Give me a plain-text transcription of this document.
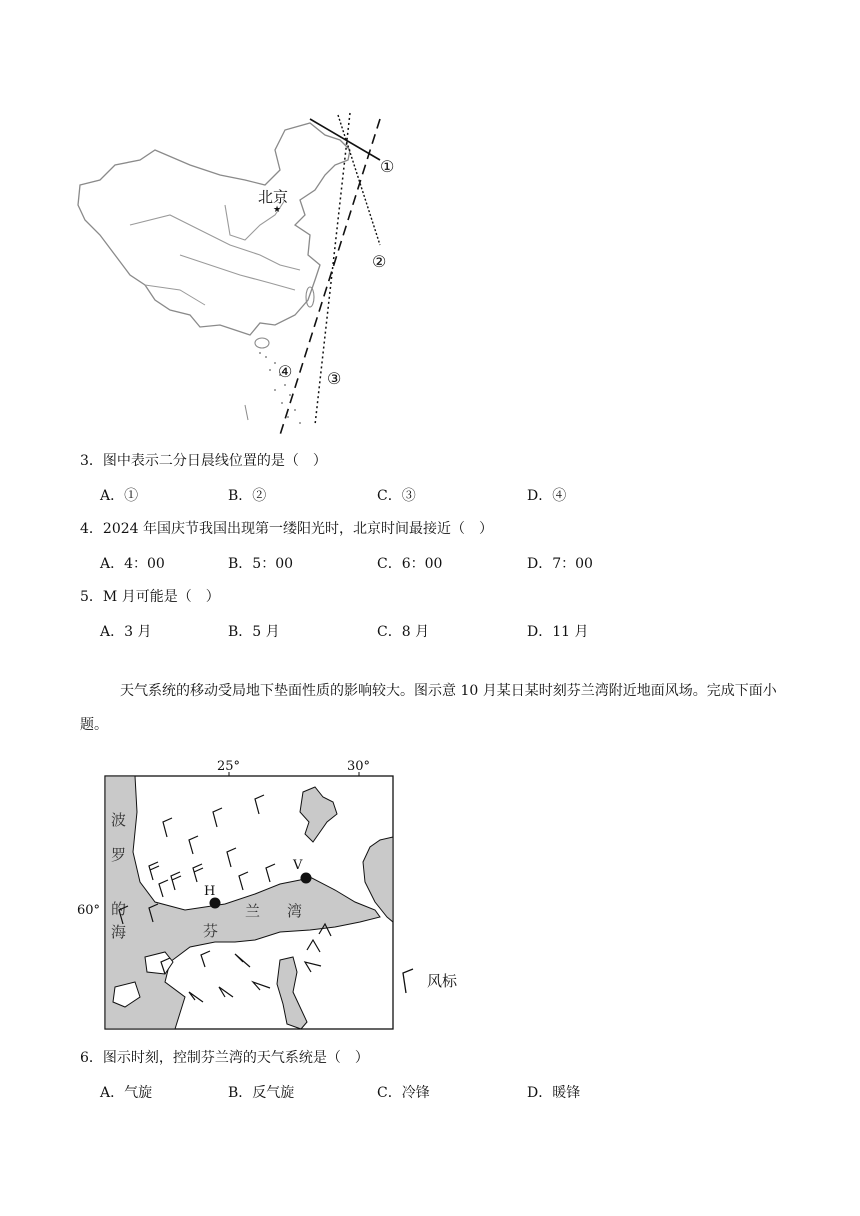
北京
★
①
②
③
④
3．图中表示二分日晨线位置的是（　）
A．①	B．②	C．③	D．④
4．2024 年国庆节我国出现第一缕阳光时，北京时间最接近（　）
A．4：00	B．5：00	C．6：00	D．7：00
5．M 月可能是（　）
A．3 月	B．5 月	C．8 月	D．11 月
天气系统的移动受局地下垫面性质的影响较大。图示意 10 月某日某时刻芬兰湾附近地面风场。完成下面小题。
25°	30°
60°
波
罗
的
海	芬
兰 湾
H
V
风标
6．图示时刻，控制芬兰湾的天气系统是（　）
A．气旋	B．反气旋	C．冷锋	D．暖锋
